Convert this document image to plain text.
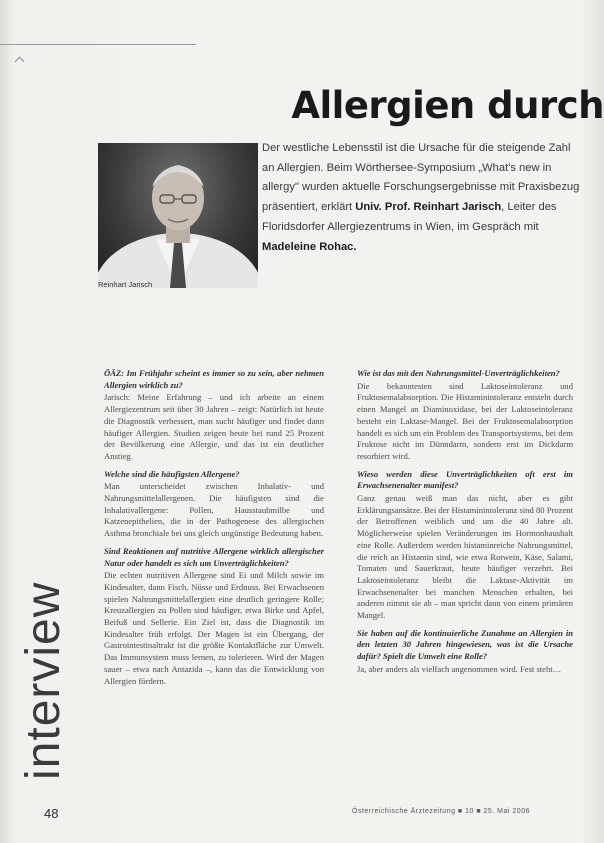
Allergien durch
Reinhart Jarisch
Der westliche Lebensstil ist die Ursache für die steigende Zahl an Allergien. Beim Wörthersee-Symposium „What's new in allergy" wurden aktuelle Forschungsergebnisse mit Praxisbezug präsentiert, erklärt Univ. Prof. Reinhart Jarisch, Leiter des Floridsdorfer Allergiezentrums in Wien, im Gespräch mit Madeleine Rohac.
ÖÄZ: Im Frühjahr scheint es immer so zu sein, aber nehmen Allergien wirklich zu?
Jarisch: Meine Erfahrung – und ich arbeite an einem Allergiezentrum seit über 30 Jahren – zeigt: Natürlich ist heute die Diagnostik verbessert, man sucht häufiger und findet dann häufiger Allergien. Studien zeigen heute bei rund 25 Prozent der Bevölkerung eine Allergie, und das ist ein deutlicher Anstieg.
Welche sind die häufigsten Allergene?
Man unterscheidet zwischen Inhalativ- und Nahrungsmittelallergenen. Die häufigsten sind die Inhalativallergene: Pollen, Hausstaubmilbe und Katzenepithelien, die in der Pathogenese des allergischen Asthma bronchiale bei uns gleich ungünstige Bedeutung haben.
Sind Reaktionen auf nutritive Allergene wirklich allergischer Natur oder handelt es sich um Unverträglichkeiten?
Die echten nutritiven Allergene sind Ei und Milch sowie im Kindesalter, dann Fisch, Nüsse und Erdnuss. Bei Erwachsenen spielen Nahrungsmittelallergien eine deutlich geringere Rolle; Kreuzallergien zu Pollen sind häufiger, etwa Birke und Apfel, Beifuß und Sellerie. Ein Ziel ist, dass die Diagnostik im Kindesalter früh erfolgt. Der Magen ist ein Übergang, der Gastrointestinaltrakt ist die größte Kontaktfläche zur Umwelt. Das Immunsystem muss lernen, zu tolerieren. Wird der Magen sauer – etwa nach Antazida –, kann das die Entwicklung von Allergien fördern.
Wie ist das mit den Nahrungsmittel-Unverträglichkeiten?
Die bekanntesten sind Laktoseintoleranz und Fruktosemalabsorption. Die Histaminintoleranz entsteht durch einen Mangel an Diaminoxidase, bei der Laktoseintoleranz besteht ein Laktase-Mangel. Bei der Fruktosemalabsorption handelt es sich um ein Problem des Transportsystems, bei dem Fruktose nicht im Dünndarm, sondern erst im Dickdarm resorbiert wird.
Wieso werden diese Unverträglichkeiten oft erst im Erwachsenenalter manifest?
Ganz genau weiß man das nicht, aber es gibt Erklärungsansätze. Bei der Histaminintoleranz sind 80 Prozent der Betroffenen weiblich und um die 40 Jahre alt. Möglicherweise spielen Veränderungen im Hormonhaushalt eine Rolle. Außerdem werden histaminreiche Nahrungsmittel, die reich an Histamin sind, wie etwa Rotwein, Käse, Salami, Tomaten und Sauerkraut, heute häufiger verzehrt. Bei Laktoseintoleranz bleibt die Laktase-Aktivität im Erwachsenenalter bei manchen Menschen erhalten, bei anderen nimmt sie ab – man spricht dann von einem primären Mangel.
Sie haben auf die kontinuierliche Zunahme an Allergien in den letzten 30 Jahren hingewiesen, was ist die Ursache dafür? Spielt die Umwelt eine Rolle?
Ja, aber anders als vielfach angenommen wird. Fest steht…
interview
48	Österreichische Ärztezeitung ■ 10 ■ 25. Mai 2006
